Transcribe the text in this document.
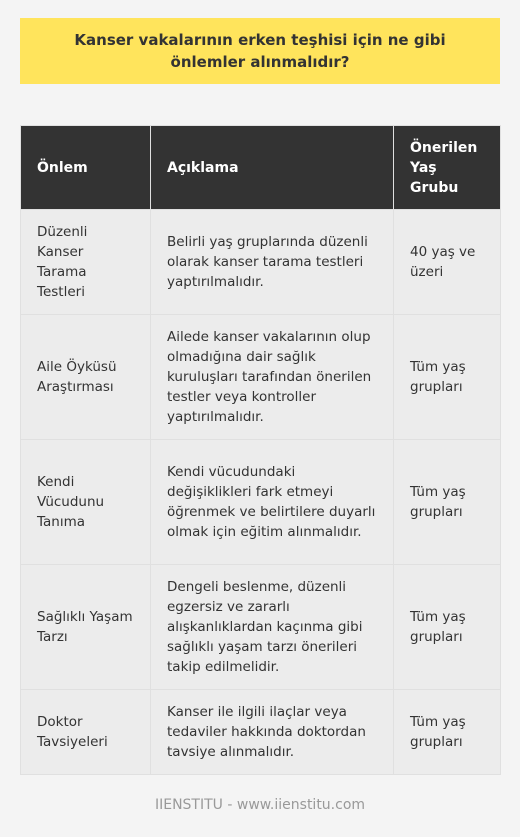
Kanser vakalarının erken teşhisi için ne gibi önlemler alınmalıdır?
Önlem	Açıklama	Önerilen Yaş Grubu
Düzenli Kanser Tarama Testleri	Belirli yaş gruplarında düzenli olarak kanser tarama testleri yaptırılmalıdır.	40 yaş ve üzeri
Aile Öyküsü Araştırması	Ailede kanser vakalarının olup olmadığına dair sağlık kuruluşları tarafından önerilen testler veya kontroller yaptırılmalıdır.	Tüm yaş grupları
Kendi Vücudunu Tanıma	Kendi vücudundaki değişiklikleri fark etmeyi öğrenmek ve belirtilere duyarlı olmak için eğitim alınmalıdır.	Tüm yaş grupları
Sağlıklı Yaşam Tarzı	Dengeli beslenme, düzenli egzersiz ve zararlı alışkanlıklardan kaçınma gibi sağlıklı yaşam tarzı önerileri takip edilmelidir.	Tüm yaş grupları
Doktor Tavsiyeleri	Kanser ile ilgili ilaçlar veya tedaviler hakkında doktordan tavsiye alınmalıdır.	Tüm yaş grupları
IIENSTITU - www.iienstitu.com
